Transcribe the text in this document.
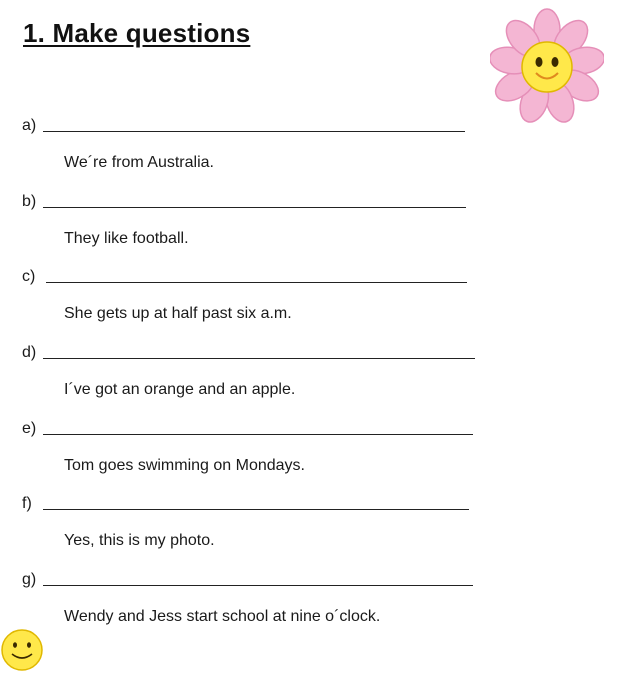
1. Make questions
a)
We´re from Australia.
b)
They like football.
c)
She gets up at half past six a.m.
d)
I´ve got an orange and an apple.
e)
Tom goes swimming on Mondays.
f)
Yes, this is my photo.
g)
Wendy and Jess start school at nine o´clock.
